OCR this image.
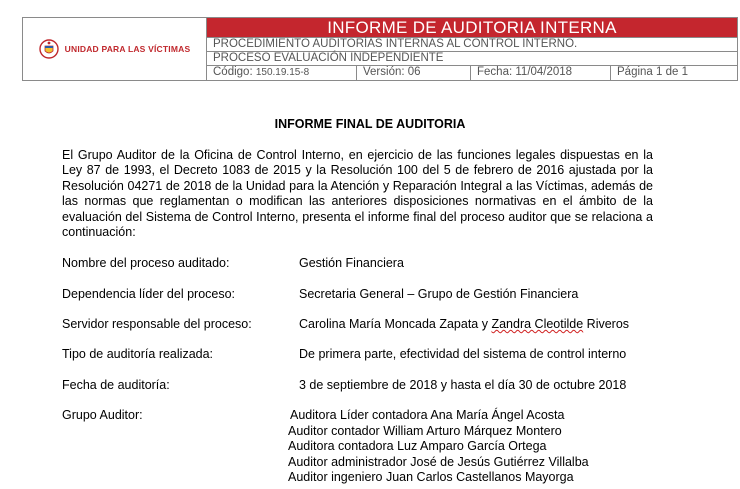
UNIDAD PARA LAS VÍCTIMAS
INFORME DE AUDITORIA INTERNA
PROCEDIMIENTO AUDITORÍAS INTERNAS AL CONTROL INTERNO.
PROCESO EVALUACIÓN INDEPENDIENTE
Código: 150.19.15-8	Versión: 06	Fecha: 11/04/2018	Página 1 de 1
INFORME FINAL DE AUDITORIA
El Grupo Auditor de la Oficina de Control Interno, en ejercicio de las funciones legales dispuestas en la Ley 87 de 1993, el Decreto 1083 de 2015 y la Resolución 100 del 5 de febrero de 2016 ajustada por la Resolución 04271 de 2018 de la Unidad para la Atención y Reparación Integral a las Víctimas, además de las normas que reglamentan o modifican las anteriores disposiciones normativas en el ámbito de la evaluación del Sistema de Control Interno, presenta el informe final del proceso auditor que se relaciona a continuación:
Nombre del proceso auditado:	Gestión Financiera
Dependencia líder del proceso:	Secretaria General – Grupo de Gestión Financiera
Servidor responsable del proceso:	Carolina María Moncada Zapata y Zandra Cleotilde Riveros
Tipo de auditoría realizada:	De primera parte, efectividad del sistema de control interno
Fecha de auditoría:	3 de septiembre de 2018 y hasta el día 30 de octubre 2018
Grupo Auditor:	Auditora Líder contadora Ana María Ángel Acosta
Auditor contador William Arturo Márquez Montero
Auditora contadora Luz Amparo García Ortega
Auditor administrador José de Jesús Gutiérrez Villalba
Auditor ingeniero Juan Carlos Castellanos Mayorga
